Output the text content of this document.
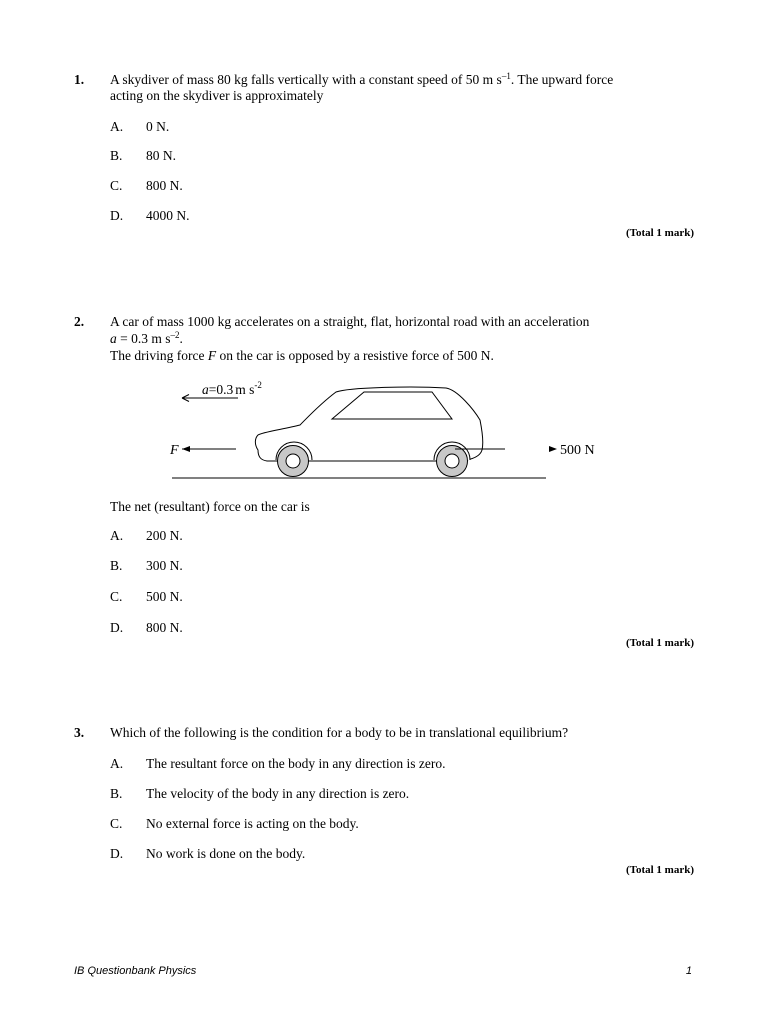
1. A skydiver of mass 80 kg falls vertically with a constant speed of 50 m $s^{-1}$. The upward force
acting on the skydiver is approximately
A. 0 N.
B. 80 N.
C. 800 N.
D. 4000 N.
(Total 1 mark)
2. A car of mass 1000 kg accelerates on a straight, flat, horizontal road with an acceleration
a = 0.3 m $s^{-2}$.
The driving force F on the car is opposed by a resistive force of 500 N.
a=0.3 m $s^{-2}$
F	500 N
The net (resultant) force on the car is
A. 200 N.
B. 300 N.
C. 500 N.
D. 800 N.
(Total 1 mark)
3. Which of the following is the condition for a body to be in translational equilibrium?
A. The resultant force on the body in any direction is zero.
B. The velocity of the body in any direction is zero.
C. No external force is acting on the body.
D. No work is done on the body.
(Total 1 mark)
IB Questionbank Physics	1
